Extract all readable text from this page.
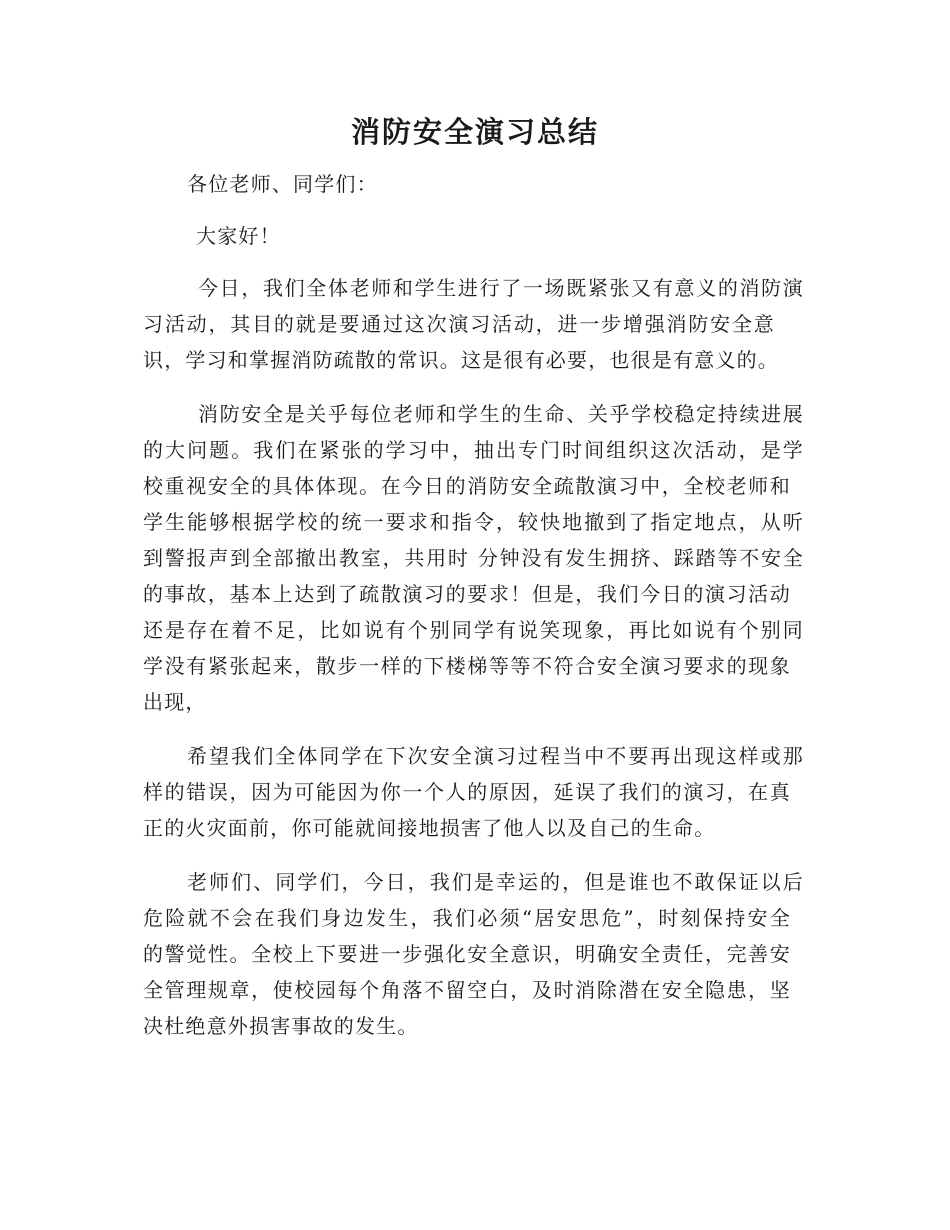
消防安全演习总结
各位老师、同学们：
大家好！
今日，我们全体老师和学生进行了一场既紧张又有意义的消防演
习活动，其目的就是要通过这次演习活动，进一步增强消防安全意
识，学习和掌握消防疏散的常识。这是很有必要，也很是有意义的。
消防安全是关乎每位老师和学生的生命、关乎学校稳定持续进展
的大问题。我们在紧张的学习中，抽出专门时间组织这次活动，是学
校重视安全的具体体现。在今日的消防安全疏散演习中，全校老师和
学生能够根据学校的统一要求和指令，较快地撤到了指定地点，从听
到警报声到全部撤出教室，共用时 分钟没有发生拥挤、踩踏等不安全
的事故，基本上达到了疏散演习的要求！但是，我们今日的演习活动
还是存在着不足，比如说有个别同学有说笑现象，再比如说有个别同
学没有紧张起来，散步一样的下楼梯等等不符合安全演习要求的现象
出现，
希望我们全体同学在下次安全演习过程当中不要再出现这样或那
样的错误，因为可能因为你一个人的原因，延误了我们的演习，在真
正的火灾面前，你可能就间接地损害了他人以及自己的生命。
老师们、同学们，今日，我们是幸运的，但是谁也不敢保证以后
危险就不会在我们身边发生，我们必须“居安思危”，时刻保持安全
的警觉性。全校上下要进一步强化安全意识，明确安全责任，完善安
全管理规章，使校园每个角落不留空白，及时消除潜在安全隐患，坚
决杜绝意外损害事故的发生。
